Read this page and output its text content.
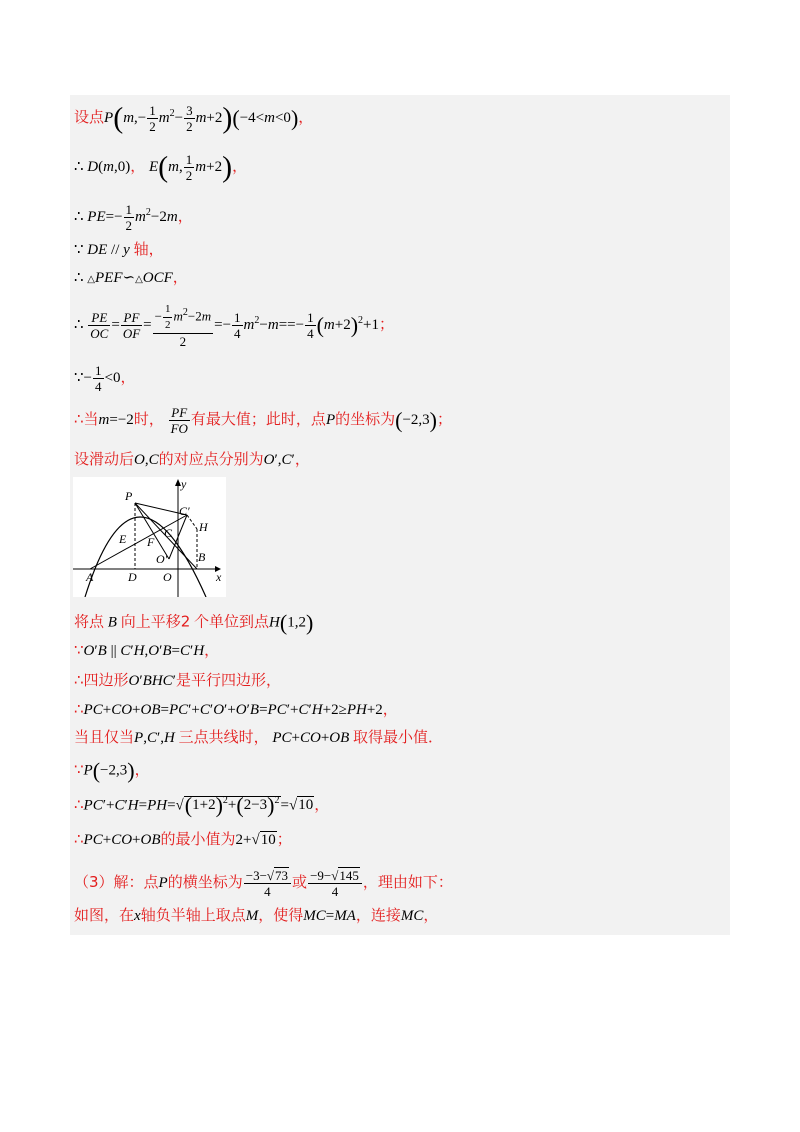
设点$P(m,- \frac{1}{2} m^2- \frac{3}{2} m+2)(-4<m<0)$，
∴ D(m,0)， E(m, $\frac{1}{2} m+2$)，
∴ $PE=- \frac{1}{2} m^2-2m$，
∵ DE // y 轴，
∴ △PEF∽△OCF，
∴ $\frac{PE}{OC} = \frac{PF}{OF} = \frac{- \frac{1}{2} m^2-2m}{2} =- \frac{1}{4} m^2-m==- \frac{1}{4} (m+2)^2+1$；
∵− $\frac{1}{4} <0$，
∴当m=−2时， $\frac{PF}{FO}$ 有最大值；此时，点P的坐标为(−2,3)；
设滑动后O,C的对应点分别为O′,C′，
P
C′
H
E F
C
O′	B
A	D O	x
y
将点 B 向上平移2 个单位到点H(1,2)
∵O′B || C′H,O′B=C′H，
∴四边形O′BHC′是平行四边形，
∴PC+CO+OB=PC′+C′O′+O′B=PC′+C′H+2≥PH+2，
当且仅当P,C′,H 三点共线时， PC+CO+OB 取得最小值．
∵P(−2,3)，
$\therefore PC'+C'H=PH=√(1+2)^2+(2-3)^2=√10$，
∴PC+CO+OB的最小值为2+√10；
（3）解：点P的横坐标为 $\frac{-3-√73}{4}$ 或 $\frac{-9-√145}{4}$ ，理由如下：
如图，在x轴负半轴上取点M，使得MC=MA，连接MC，
